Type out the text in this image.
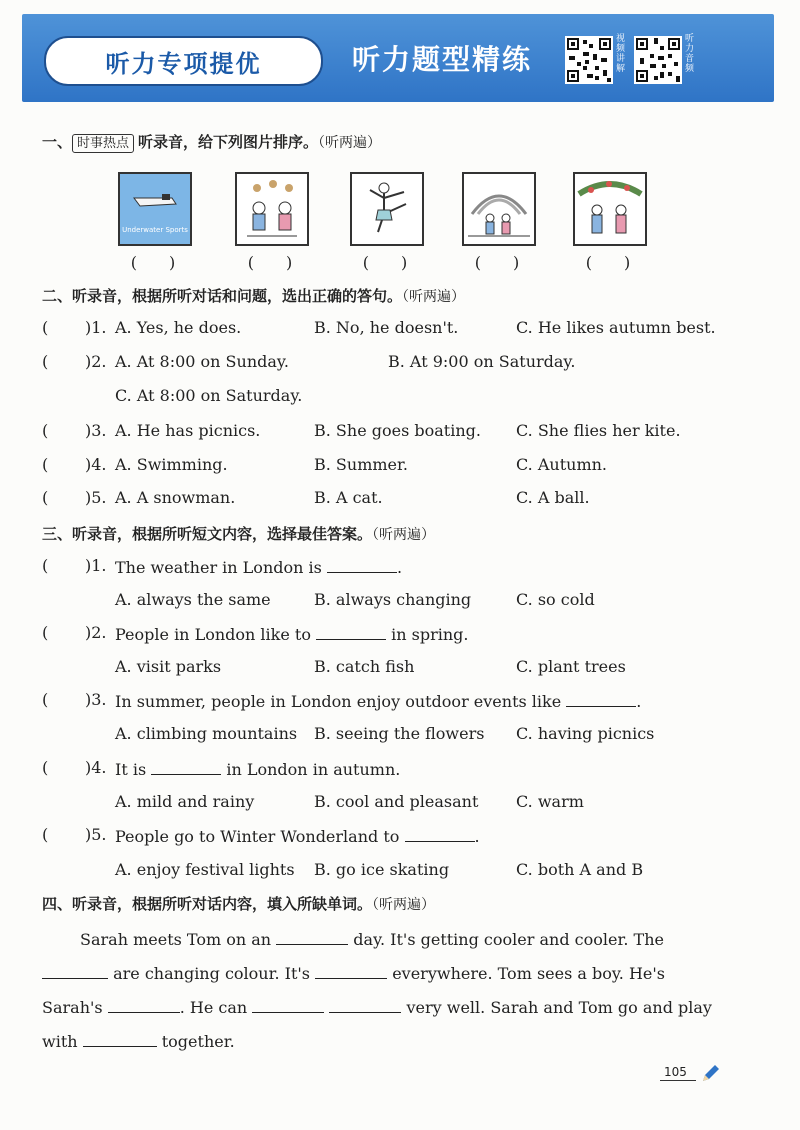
听力专项提优	听力题型精练
视频讲解
听力音频
一、 时事热点 听录音，给下列图片排序。（听两遍）
Underwater Sports
(　　)	(　　)	(　　)	(　　)	(　　)
二、听录音，根据所听对话和问题，选出正确的答句。（听两遍）
( )1. A. Yes, he does.	B. No, he doesn't.	C. He likes autumn best.
( )2. A. At 8:00 on Sunday.	B. At 9:00 on Saturday.
C. At 8:00 on Saturday.
( )3. A. He has picnics.	B. She goes boating. C. She flies her kite.
( )4. A. Swimming.	B. Summer.	C. Autumn.
( )5. A. A snowman.	B. A cat.	C. A ball.
三、听录音，根据所听短文内容，选择最佳答案。（听两遍）
( )1. The weather in London is	.
A. always the same	B. always changing	C. so cold
( )2. People in London like to	in spring.
A. visit parks	B. catch fish	C. plant trees
( )3. In summer, people in London enjoy outdoor events like	.
A. climbing mountains B. seeing the flowers C. having picnics
( )4. It is	in London in autumn.
A. mild and rainy	B. cool and pleasant C. warm
( )5. People go to Winter Wonderland to	.
A. enjoy festival lights B. go ice skating	C. both A and B
四、听录音，根据所听对话内容，填入所缺单词。（听两遍）
Sarah meets Tom on an	day. It's getting cooler and cooler. The
are changing colour. It's	everywhere. Tom sees a boy. He's
Sarah's	. He can	very well. Sarah and Tom go and play
with	together.
105
